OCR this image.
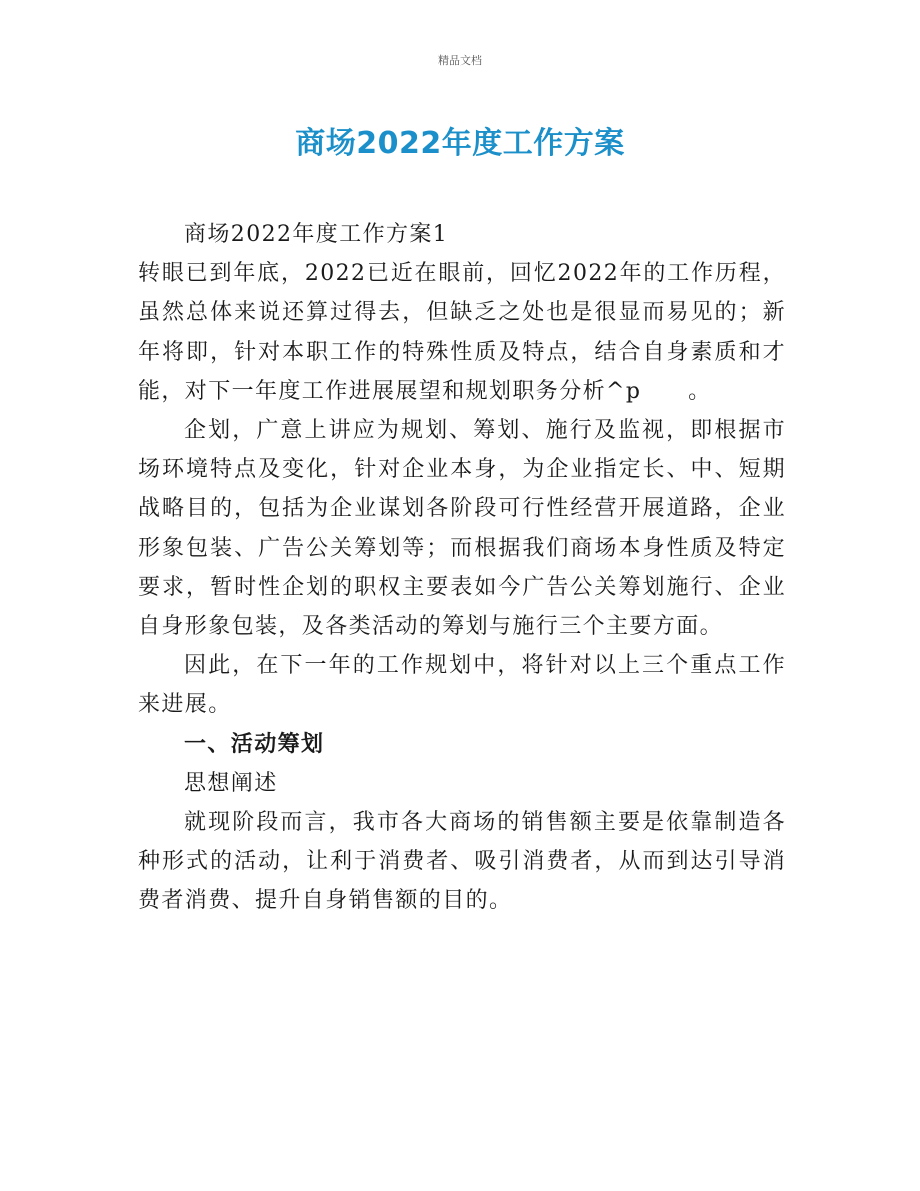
精品文档
商场2022年度工作方案

商场2022年度工作方案1

转眼已到年底，2022已近在眼前，回忆2022年的工作历程，虽然总体来说还算过得去，但缺乏之处也是很显而易见的；新年将即，针对本职工作的特殊性质及特点，结合自身素质和才能，对下一年度工作进展展望和规划职务分析^p　　。

企划，广意上讲应为规划、筹划、施行及监视，即根据市场环境特点及变化，针对企业本身，为企业指定长、中、短期战略目的，包括为企业谋划各阶段可行性经营开展道路，企业形象包装、广告公关筹划等；而根据我们商场本身性质及特定要求，暂时性企划的职权主要表如今广告公关筹划施行、企业自身形象包装，及各类活动的筹划与施行三个主要方面。

因此，在下一年的工作规划中，将针对以上三个重点工作来进展。

一、活动筹划

思想阐述

就现阶段而言，我市各大商场的销售额主要是依靠制造各种形式的活动，让利于消费者、吸引消费者，从而到达引导消费者消费、提升自身销售额的目的。
